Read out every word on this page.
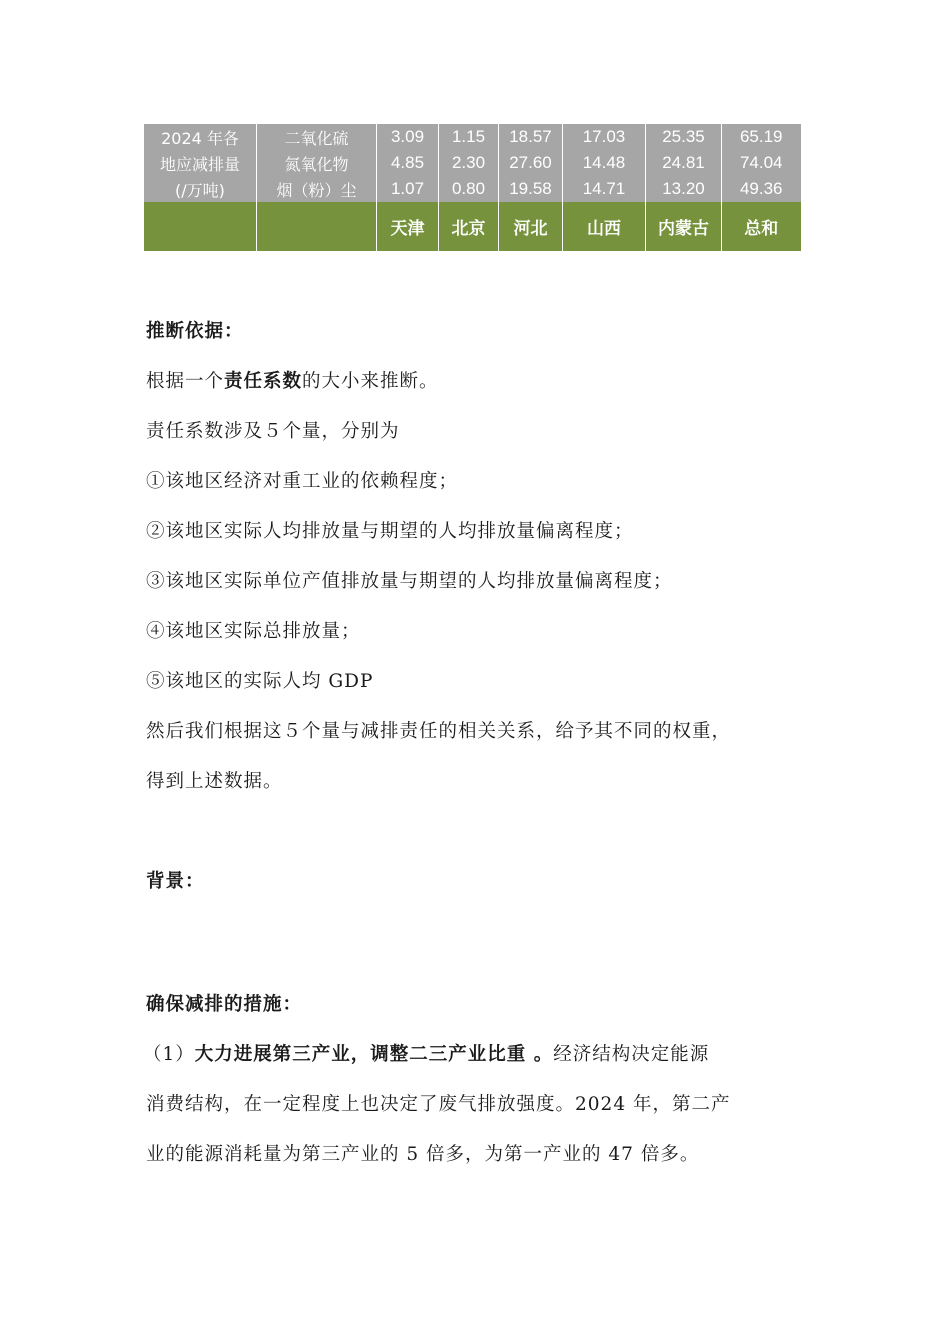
2024 年各	二氧化硫	3.09	1.15	18.57	17.03	25.35	65.19
地应减排量	氮氧化物	4.85	2.30	27.60	14.48	24.81	74.04
(/万吨)	烟（粉）尘	1.07	0.80	19.58	14.71	13.20	49.36
		天津	北京	河北	山西	内蒙古	总和

推断依据：

根据一个责任系数的大小来推断。

责任系数涉及５个量，分别为

①该地区经济对重工业的依赖程度；

②该地区实际人均排放量与期望的人均排放量偏离程度；

③该地区实际单位产值排放量与期望的人均排放量偏离程度；

④该地区实际总排放量；

⑤该地区的实际人均 GDP

然后我们根据这５个量与减排责任的相关关系，给予其不同的权重，

得到上述数据。

背景：

确保减排的措施：

（1）大力进展第三产业，调整二三产业比重 。经济结构决定能源

消费结构，在一定程度上也决定了废气排放强度。2024 年，第二产

业的能源消耗量为第三产业的 5 倍多，为第一产业的 47 倍多。
